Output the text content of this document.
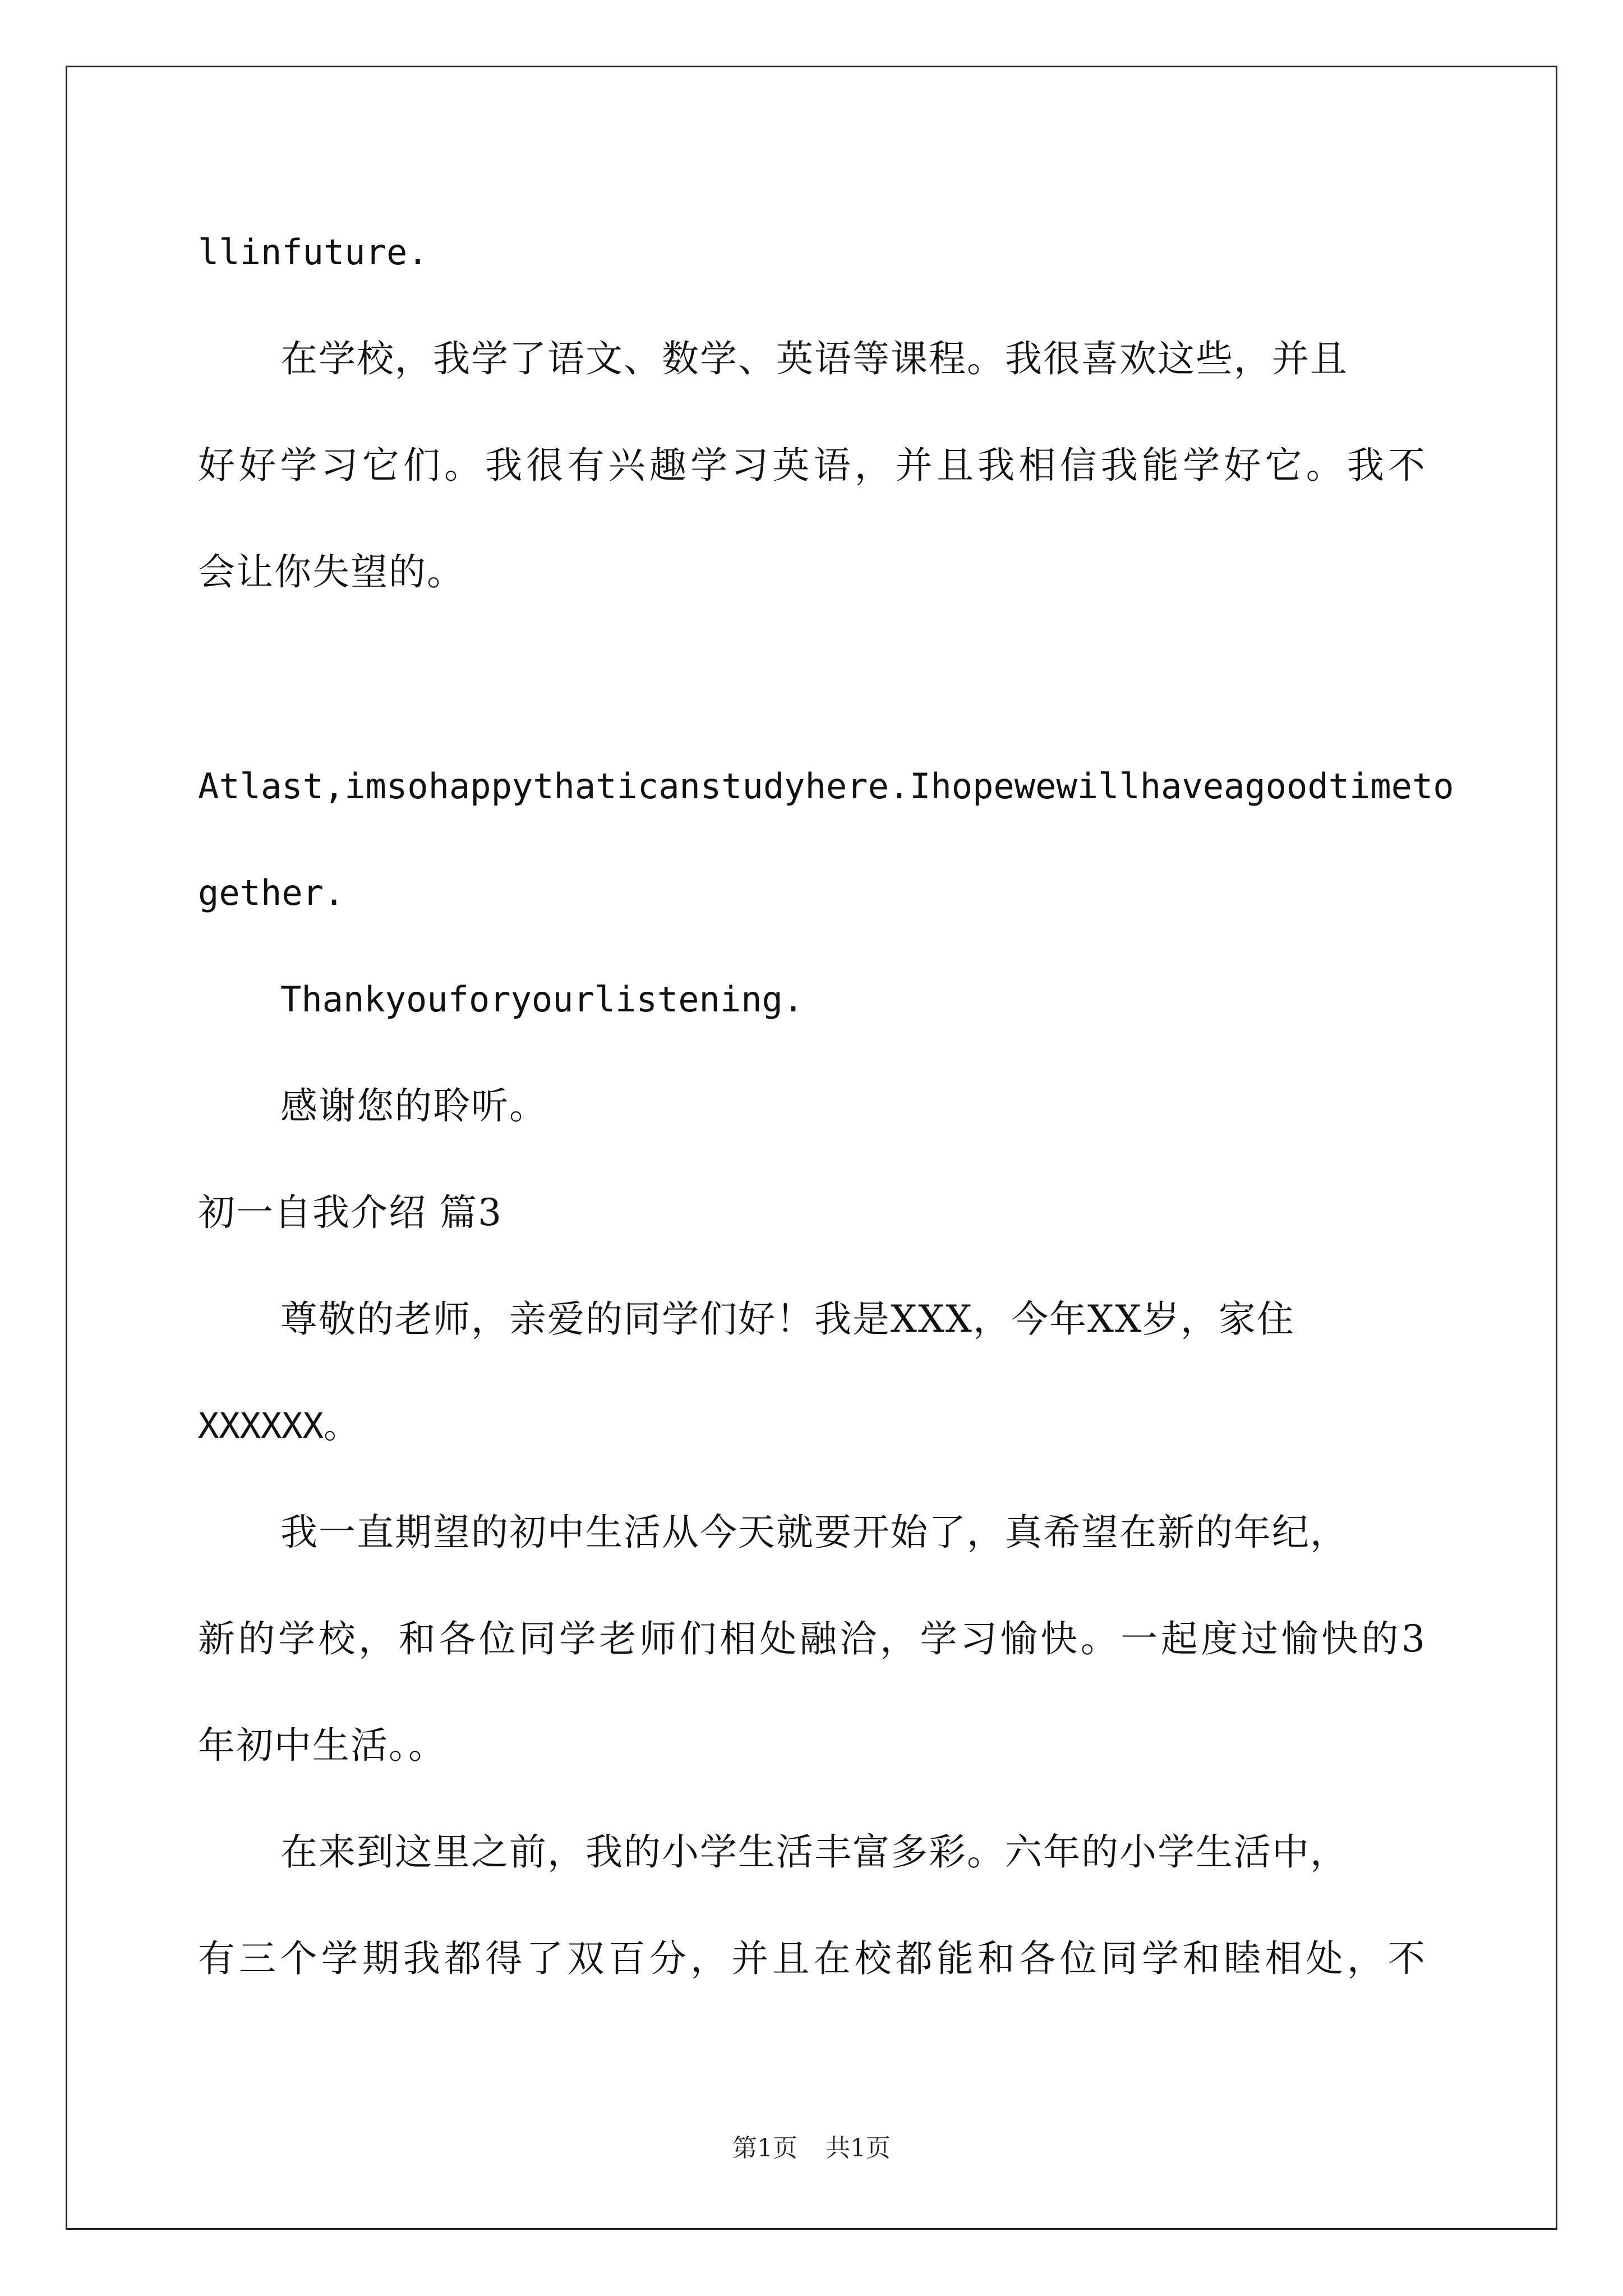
llinfuture.
在学校，我学了语文、数学、英语等课程。我很喜欢这些，并且
好好学习它们。我很有兴趣学习英语，并且我相信我能学好它。我不
会让你失望的。
Atlast,imsohappythaticanstudyhere.Ihopewewillhaveagoodtimeto
gether.
Thankyouforyourlistening.
感谢您的聆听。
初一自我介绍 篇3
尊敬的老师，亲爱的同学们好！我是XXX，今年XX岁，家住
XXXXXX。
我一直期望的初中生活从今天就要开始了，真希望在新的年纪，
新的学校，和各位同学老师们相处融洽，学习愉快。一起度过愉快的3
年初中生活。。
在来到这里之前，我的小学生活丰富多彩。六年的小学生活中，
有三个学期我都得了双百分，并且在校都能和各位同学和睦相处，不
第1页 共1页
